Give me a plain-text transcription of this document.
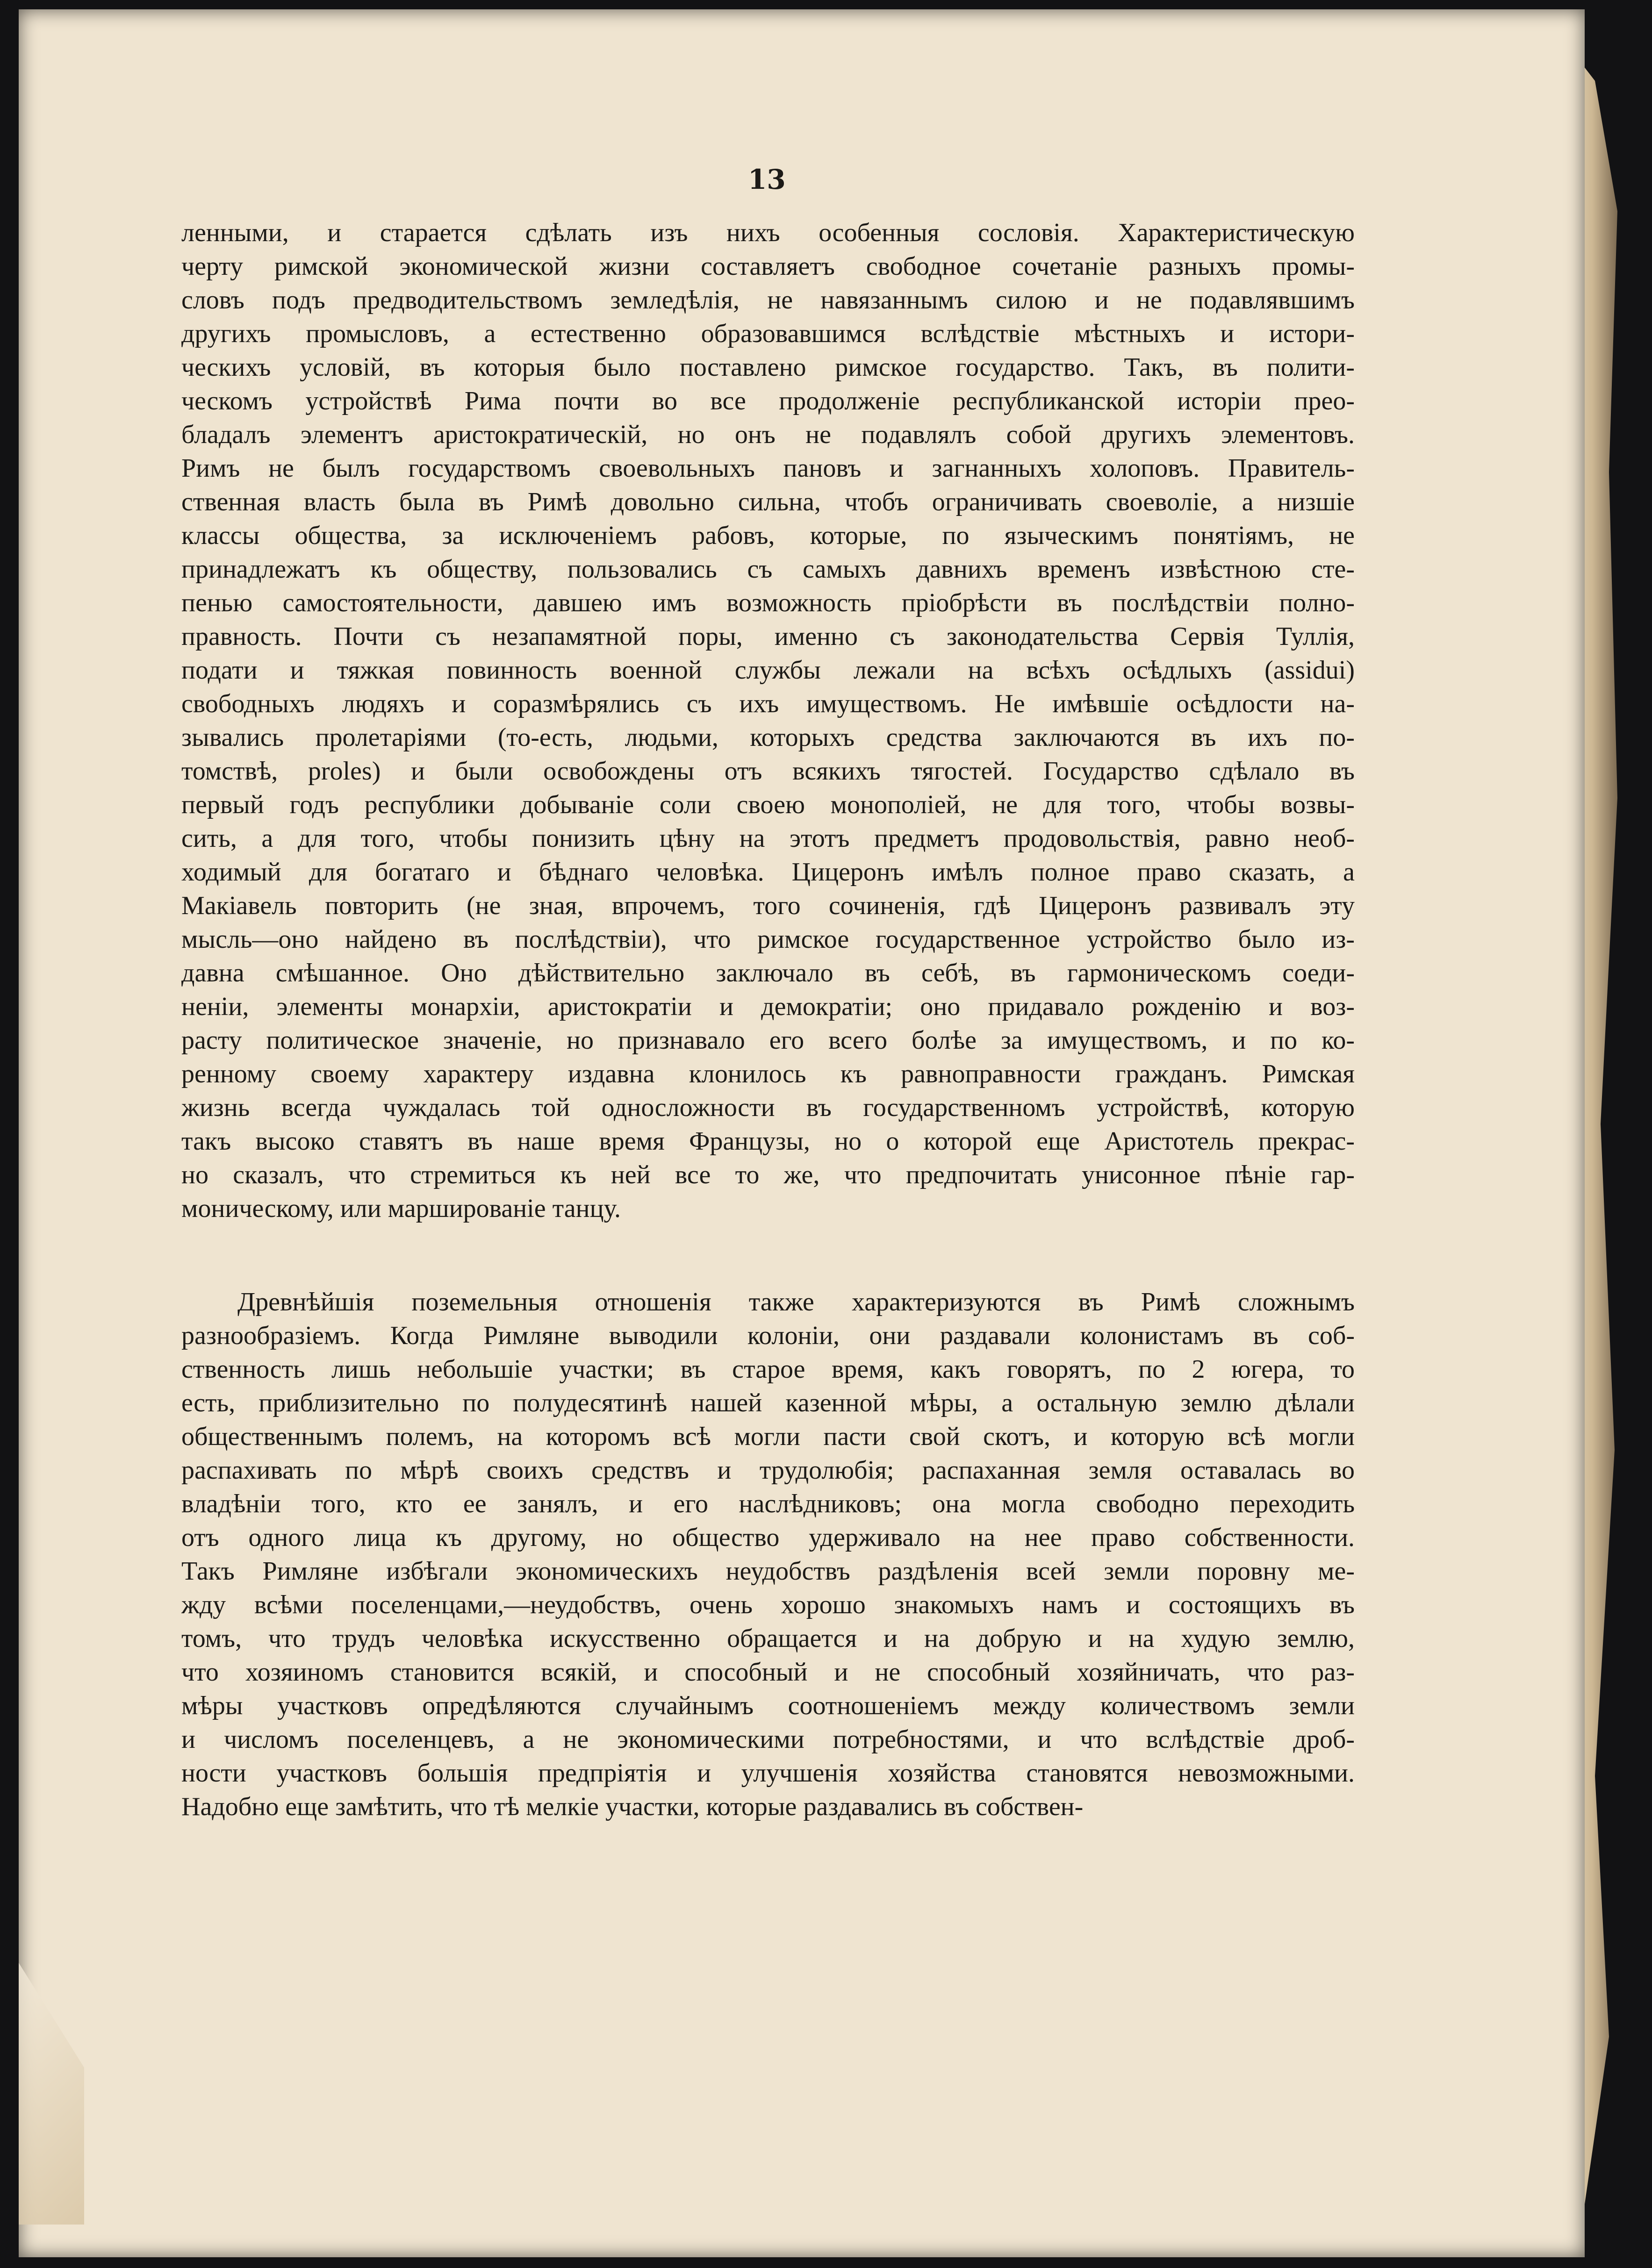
13
ленными, и старается сдѣлать изъ нихъ особенныя сословія. Характеристическую
черту римской экономической жизни составляетъ свободное сочетаніе разныхъ промы-
словъ подъ предводительствомъ земледѣлія, не навязаннымъ силою и не подавлявшимъ
другихъ промысловъ, а естественно образовавшимся вслѣдствіе мѣстныхъ и истори-
ческихъ условій, въ которыя было поставлено римское государство. Такъ, въ полити-
ческомъ устройствѣ Рима почти во все продолженіе республиканской исторіи прео-
бладалъ элементъ аристократическій, но онъ не подавлялъ собой другихъ элементовъ.
Римъ не былъ государствомъ своевольныхъ пановъ и загнанныхъ холоповъ. Правитель-
ственная власть была въ Римѣ довольно сильна, чтобъ ограничивать своеволіе, а низшіе
классы общества, за исключеніемъ рабовъ, которые, по языческимъ понятіямъ, не
принадлежатъ къ обществу, пользовались съ самыхъ давнихъ временъ извѣстною сте-
пенью самостоятельности, давшею имъ возможность пріобрѣсти въ послѣдствіи полно-
правность. Почти съ незапамятной поры, именно съ законодательства Сервія Туллія,
подати и тяжкая повинность военной службы лежали на всѣхъ осѣдлыхъ (assidui)
свободныхъ людяхъ и соразмѣрялись съ ихъ имуществомъ. Не имѣвшіе осѣдлости на-
зывались пролетаріями (то-есть, людьми, которыхъ средства заключаются въ ихъ по-
томствѣ, proles) и были освобождены отъ всякихъ тягостей. Государство сдѣлало въ
первый годъ республики добываніе соли своею монополіей, не для того, чтобы возвы-
сить, а для того, чтобы понизить цѣну на этотъ предметъ продовольствія, равно необ-
ходимый для богатаго и бѣднаго человѣка. Цицеронъ имѣлъ полное право сказать, а
Макіавель повторить (не зная, впрочемъ, того сочиненія, гдѣ Цицеронъ развивалъ эту
мысль—оно найдено въ послѣдствіи), что римское государственное устройство было из-
давна смѣшанное. Оно дѣйствительно заключало въ себѣ, въ гармоническомъ соеди-
неніи, элементы монархіи, аристократіи и демократіи; оно придавало рожденію и воз-
расту политическое значеніе, но признавало его всего болѣе за имуществомъ, и по ко-
ренному своему характеру издавна клонилось къ равноправности гражданъ. Римская
жизнь всегда чуждалась той односложности въ государственномъ устройствѣ, которую
такъ высоко ставятъ въ наше время Французы, но о которой еще Аристотель прекрас-
но сказалъ, что стремиться къ ней все то же, что предпочитать унисонное пѣніе гар-
моническому, или маршированіе танцу.
Древнѣйшія поземельныя отношенія также характеризуются въ Римѣ сложнымъ
разнообразіемъ. Когда Римляне выводили колоніи, они раздавали колонистамъ въ соб-
ственность лишь небольшіе участки; въ старое время, какъ говорятъ, по 2 югера, то
есть, приблизительно по полудесятинѣ нашей казенной мѣры, а остальную землю дѣлали
общественнымъ полемъ, на которомъ всѣ могли пасти свой скотъ, и которую всѣ могли
распахивать по мѣрѣ своихъ средствъ и трудолюбія; распаханная земля оставалась во
владѣніи того, кто ее занялъ, и его наслѣдниковъ; она могла свободно переходить
отъ одного лица къ другому, но общество удерживало на нее право собственности.
Такъ Римляне избѣгали экономическихъ неудобствъ раздѣленія всей земли поровну ме-
жду всѣми поселенцами,—неудобствъ, очень хорошо знакомыхъ намъ и состоящихъ въ
томъ, что трудъ человѣка искусственно обращается и на добрую и на худую землю,
что хозяиномъ становится всякій, и способный и не способный хозяйничать, что раз-
мѣры участковъ опредѣляются случайнымъ соотношеніемъ между количествомъ земли
и числомъ поселенцевъ, а не экономическими потребностями, и что вслѣдствіе дроб-
ности участковъ большія предпріятія и улучшенія хозяйства становятся невозможными.
Надобно еще замѣтить, что тѣ мелкіе участки, которые раздавались въ собствен-
